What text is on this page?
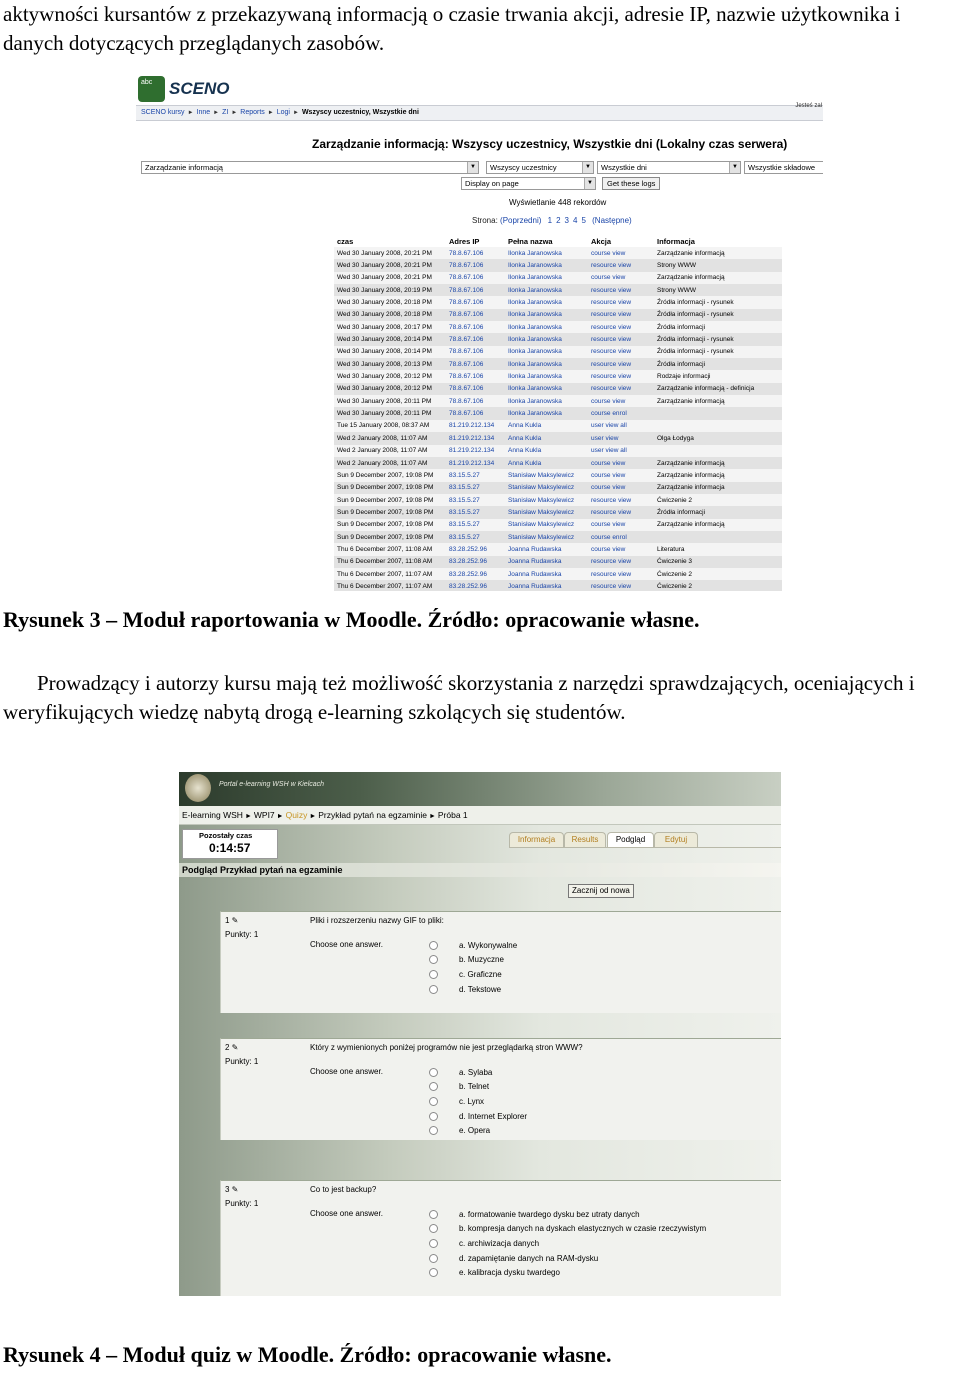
aktywności kursantów z przekazywaną informacją o czasie trwania akcji, adresie IP, nazwie użytkownika i danych dotyczących przeglądanych zasobów.

abc SCENO
SCENO kursy ► Inne ► ZI ► Reports ► Logi ► Wszyscy uczestnicy, Wszystkie dni
Jesteś zal
Zarządzanie informacją: Wszyscy uczestnicy, Wszystkie dni (Lokalny czas serwera)
Zarządzanie informacją	▼	Wszyscy uczestnicy	▼	Wszystkie dni	▼	Wszystkie składowe
Display on page	▼	Get these logs
Wyświetlanie 448 rekordów
Strona: (Poprzedni) 1 2 3 4 5 (Następne)
czas	Adres IP	Pełna nazwa	Akcja	Informacja
Wed 30 January 2008, 20:21 PM	78.8.67.106	Ilonka Jaranowska	course view	Zarządzanie informacją
Wed 30 January 2008, 20:21 PM	78.8.67.106	Ilonka Jaranowska	resource view	Strony WWW
Wed 30 January 2008, 20:21 PM	78.8.67.106	Ilonka Jaranowska	course view	Zarządzanie informacją
Wed 30 January 2008, 20:19 PM	78.8.67.106	Ilonka Jaranowska	resource view	Strony WWW
Wed 30 January 2008, 20:18 PM	78.8.67.106	Ilonka Jaranowska	resource view	Źródła informacji - rysunek
Wed 30 January 2008, 20:18 PM	78.8.67.106	Ilonka Jaranowska	resource view	Źródła informacji - rysunek
Wed 30 January 2008, 20:17 PM	78.8.67.106	Ilonka Jaranowska	resource view	Źródła informacji
Wed 30 January 2008, 20:14 PM	78.8.67.106	Ilonka Jaranowska	resource view	Źródła informacji - rysunek
Wed 30 January 2008, 20:14 PM	78.8.67.106	Ilonka Jaranowska	resource view	Źródła informacji - rysunek
Wed 30 January 2008, 20:13 PM	78.8.67.106	Ilonka Jaranowska	resource view	Źródła informacji
Wed 30 January 2008, 20:12 PM	78.8.67.106	Ilonka Jaranowska	resource view	Rodzaje informacji
Wed 30 January 2008, 20:12 PM	78.8.67.106	Ilonka Jaranowska	resource view	Zarządzanie informacją - definicja
Wed 30 January 2008, 20:11 PM	78.8.67.106	Ilonka Jaranowska	course view	Zarządzanie informacją
Wed 30 January 2008, 20:11 PM	78.8.67.106	Ilonka Jaranowska	course enrol	
Tue 15 January 2008, 08:37 AM	81.219.212.134	Anna Kukla	user view all	
Wed 2 January 2008, 11:07 AM	81.219.212.134	Anna Kukla	user view	Olga Łodyga
Wed 2 January 2008, 11:07 AM	81.219.212.134	Anna Kukla	user view all	
Wed 2 January 2008, 11:07 AM	81.219.212.134	Anna Kukla	course view	Zarządzanie informacją
Sun 9 December 2007, 19:08 PM	83.15.5.27	Stanisław Maksylewicz	course view	Zarządzanie informacją
Sun 9 December 2007, 19:08 PM	83.15.5.27	Stanisław Maksylewicz	course view	Zarządzanie informacja
Sun 9 December 2007, 19:08 PM	83.15.5.27	Stanisław Maksylewicz	resource view	Ćwiczenie 2
Sun 9 December 2007, 19:08 PM	83.15.5.27	Stanisław Maksylewicz	resource view	Źródła informacji
Sun 9 December 2007, 19:08 PM	83.15.5.27	Stanisław Maksylewicz	course view	Zarządzanie informacją
Sun 9 December 2007, 19:08 PM	83.15.5.27	Stanisław Maksylewicz	course enrol	
Thu 6 December 2007, 11:08 AM	83.28.252.96	Joanna Rudawska	course view	Literatura
Thu 6 December 2007, 11:08 AM	83.28.252.96	Joanna Rudawska	resource view	Ćwiczenie 3
Thu 6 December 2007, 11:07 AM	83.28.252.96	Joanna Rudawska	resource view	Ćwiczenie 2
Thu 6 December 2007, 11:07 AM	83.28.252.96	Joanna Rudawska	resource view	Ćwiczenie 2

Rysunek 3 – Moduł raportowania w Moodle. Źródło: opracowanie własne.

Prowadzący i autorzy kursu mają też możliwość skorzystania z narzędzi sprawdzających, oceniających i weryfikujących wiedzę nabytą drogą e-learning szkolących się studentów.

Portal e-learning WSH w Kielcach
E-learning WSH ► WPI7 ► Quizy ► Przykład pytań na egzaminie ► Próba 1
Pozostały czas
0:14:57
Informacja	Results	Podgląd	Edytuj
Podgląd Przykład pytań na egzaminie
Zacznij od nowa
1 ✎
Punkty: 1
Pliki i rozszerzeniu nazwy GIF to pliki:
Choose one answer.	a. Wykonywalne
b. Muzyczne
c. Graficzne
d. Tekstowe
2 ✎
Punkty: 1
Który z wymienionych poniżej programów nie jest przeglądarką stron WWW?
Choose one answer.	a. Sylaba
b. Telnet
c. Lynx
d. Internet Explorer
e. Opera
3 ✎
Punkty: 1
Co to jest backup?
Choose one answer.	a. formatowanie twardego dysku bez utraty danych
b. kompresja danych na dyskach elastycznych w czasie rzeczywistym
c. archiwizacja danych
d. zapamiętanie danych na RAM-dysku
e. kalibracja dysku twardego

Rysunek 4 – Moduł quiz w Moodle. Źródło: opracowanie własne.
